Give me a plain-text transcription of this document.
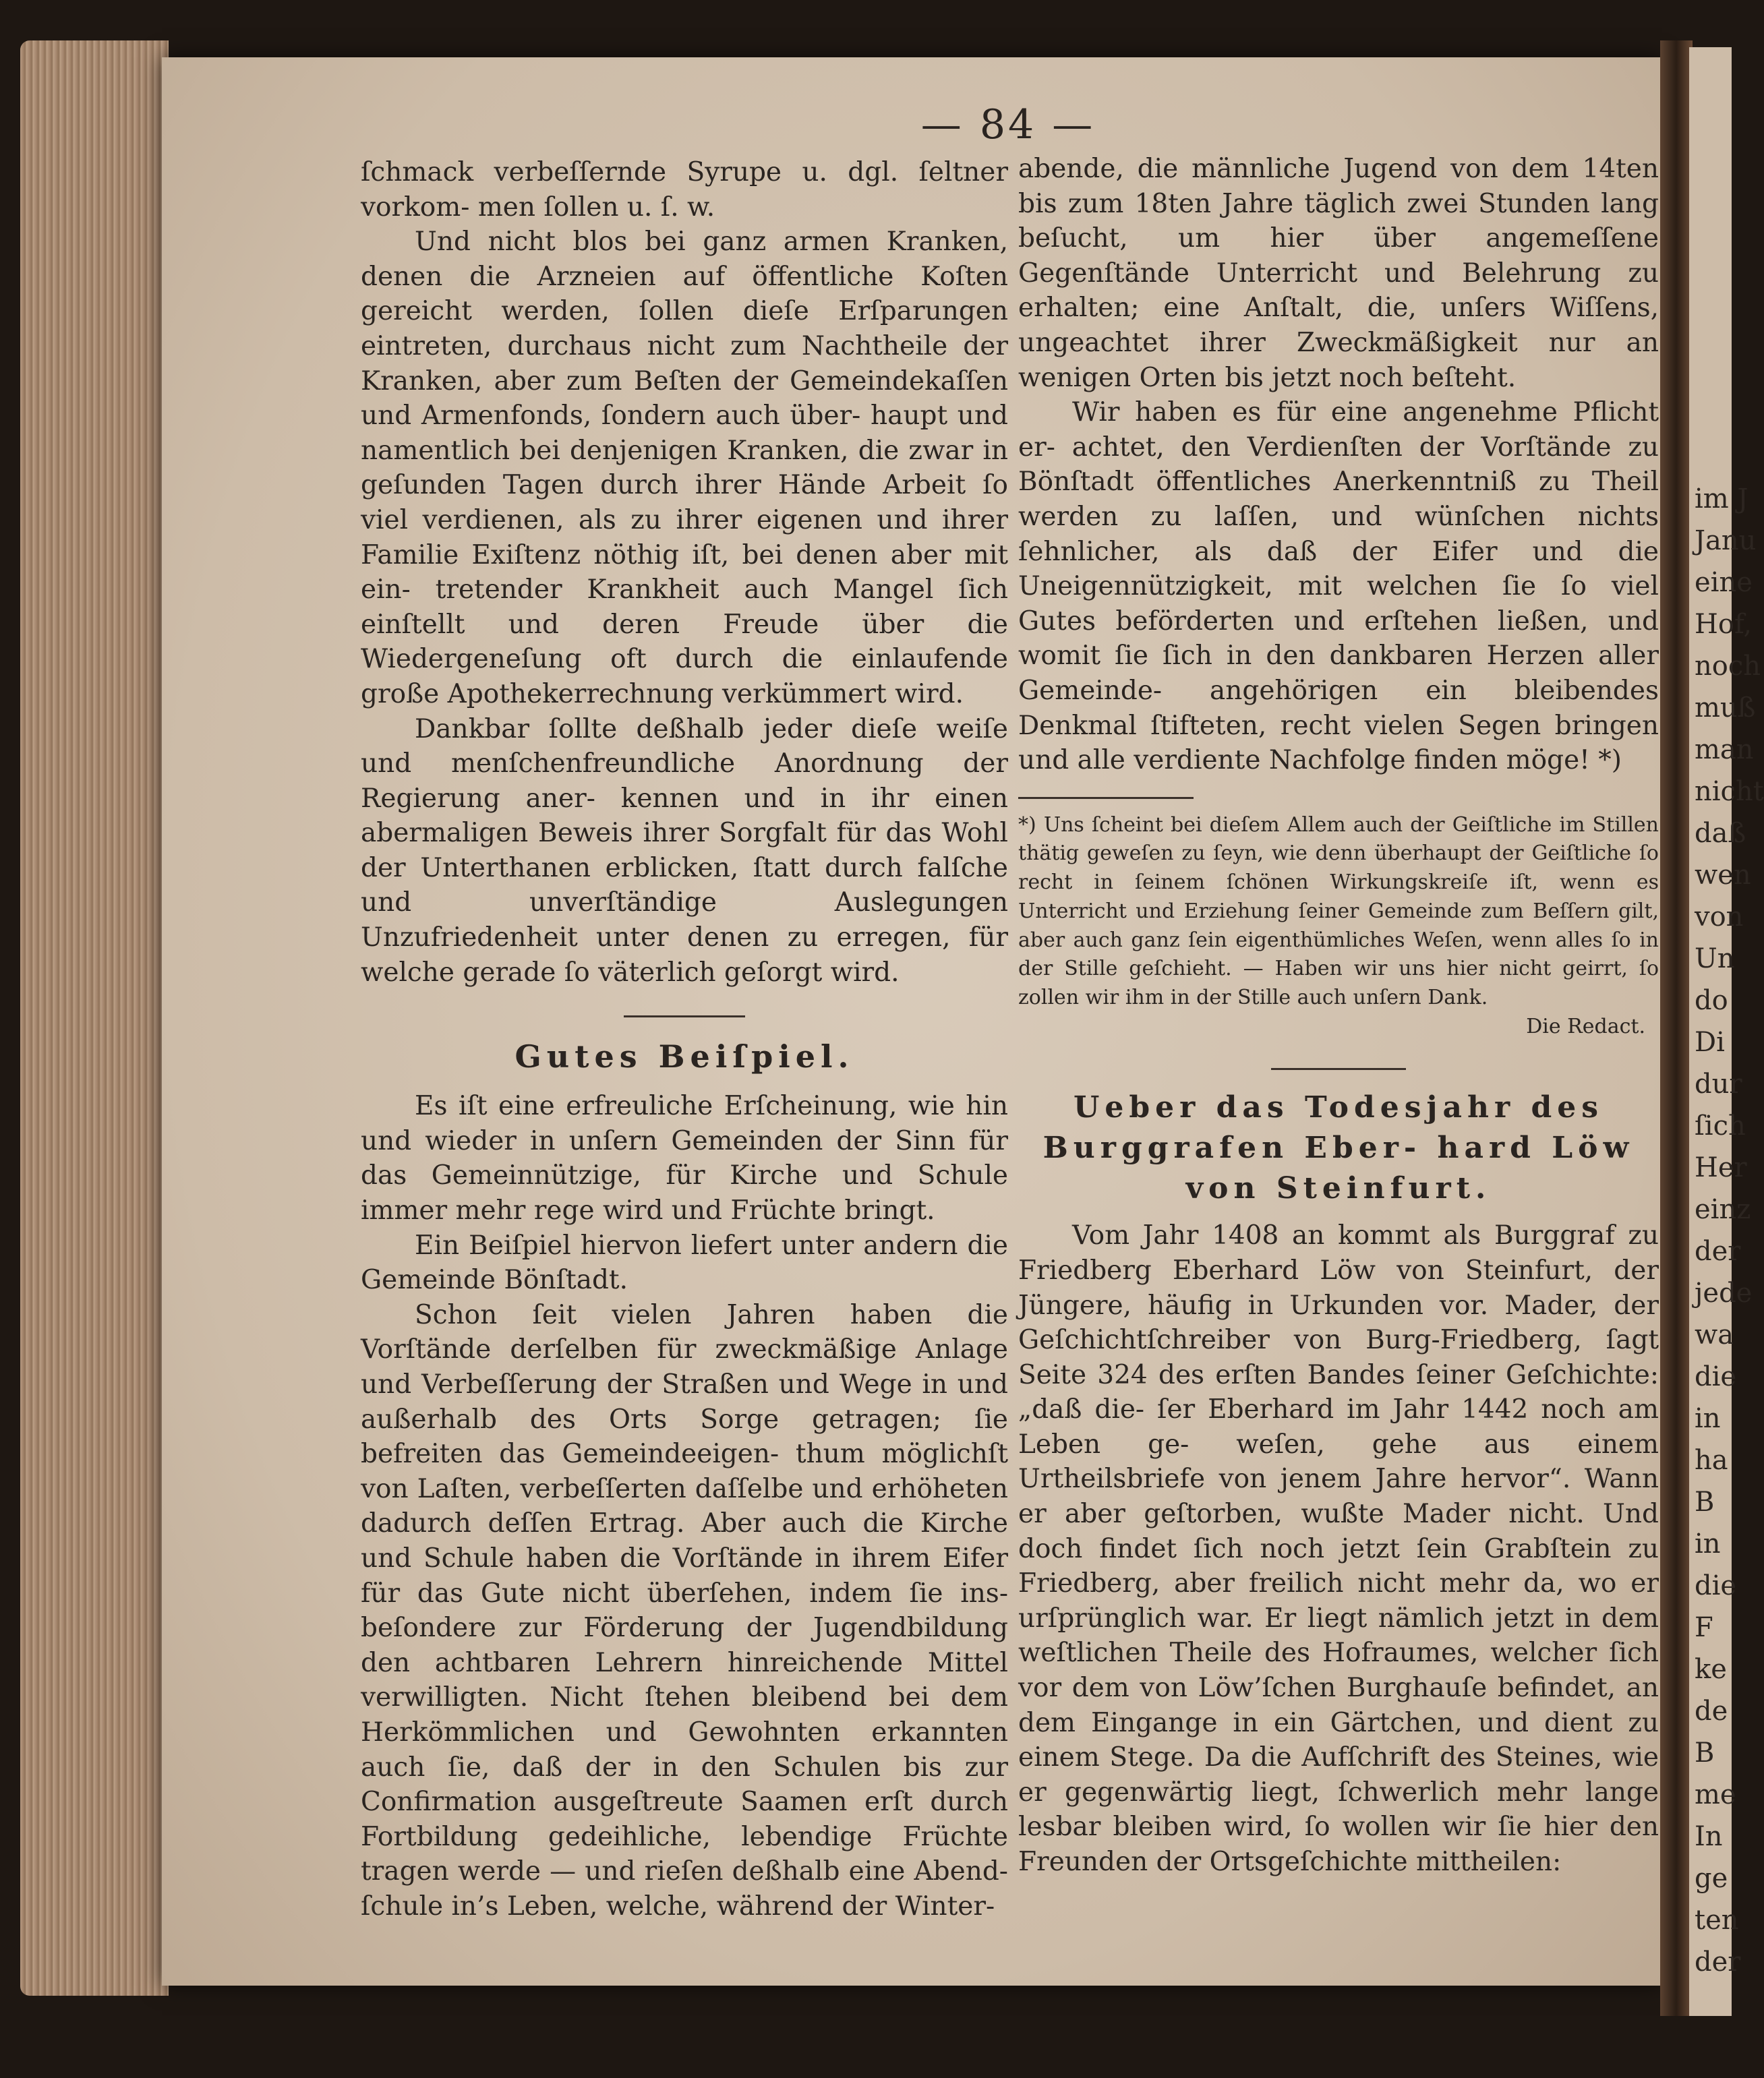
im J
Janu
eine
Hof,
noch
muß
man
nicht
daß
wen
von
Un
do
Di
dur
ſich
Her
einz
der
jede
wa
die
in
ha
B
in
die
F
ke
de
B
me
In
ge
ten
der
— 84 —

ſchmack verbeſſernde Syrupe u. dgl. ſeltner vorkom- men ſollen u. ſ. w.

Und nicht blos bei ganz armen Kranken, denen die Arzneien auf öffentliche Koſten gereicht werden, ſollen dieſe Erſparungen eintreten, durchaus nicht zum Nachtheile der Kranken, aber zum Beſten der Gemeindekaſſen und Armenfonds, ſondern auch über- haupt und namentlich bei denjenigen Kranken, die zwar in geſunden Tagen durch ihrer Hände Arbeit ſo viel verdienen, als zu ihrer eigenen und ihrer Familie Exiſtenz nöthig iſt, bei denen aber mit ein- tretender Krankheit auch Mangel ſich einſtellt und deren Freude über die Wiedergeneſung oft durch die einlaufende große Apothekerrechnung verkümmert wird.

Dankbar ſollte deßhalb jeder dieſe weiſe und menſchenfreundliche Anordnung der Regierung aner- kennen und in ihr einen abermaligen Beweis ihrer Sorgfalt für das Wohl der Unterthanen erblicken, ſtatt durch falſche und unverſtändige Auslegungen Unzufriedenheit unter denen zu erregen, für welche gerade ſo väterlich geſorgt wird.

Gutes Beiſpiel.

Es iſt eine erfreuliche Erſcheinung, wie hin und wieder in unſern Gemeinden der Sinn für das Gemeinnützige, für Kirche und Schule immer mehr rege wird und Früchte bringt.

Ein Beiſpiel hiervon liefert unter andern die Gemeinde Bönſtadt.

Schon ſeit vielen Jahren haben die Vorſtände derſelben für zweckmäßige Anlage und Verbeſſerung der Straßen und Wege in und außerhalb des Orts Sorge getragen; ſie befreiten das Gemeindeeigen- thum möglichſt von Laſten, verbeſſerten daſſelbe und erhöheten dadurch deſſen Ertrag. Aber auch die Kirche und Schule haben die Vorſtände in ihrem Eifer für das Gute nicht überſehen, indem ſie ins- beſondere zur Förderung der Jugendbildung den achtbaren Lehrern hinreichende Mittel verwilligten. Nicht ſtehen bleibend bei dem Herkömmlichen und Gewohnten erkannten auch ſie, daß der in den Schulen bis zur Confirmation ausgeſtreute Saamen erſt durch Fortbildung gedeihliche, lebendige Früchte tragen werde — und rieſen deßhalb eine Abend- ſchule in’s Leben, welche, während der Winter-

abende, die männliche Jugend von dem 14ten bis zum 18ten Jahre täglich zwei Stunden lang beſucht, um hier über angemeſſene Gegenſtände Unterricht und Belehrung zu erhalten; eine Anſtalt, die, unſers Wiſſens, ungeachtet ihrer Zweckmäßigkeit nur an wenigen Orten bis jetzt noch beſteht.

Wir haben es für eine angenehme Pflicht er- achtet, den Verdienſten der Vorſtände zu Bönſtadt öffentliches Anerkenntniß zu Theil werden zu laſſen, und wünſchen nichts ſehnlicher, als daß der Eifer und die Uneigennützigkeit, mit welchen ſie ſo viel Gutes beförderten und erſtehen ließen, und womit ſie ſich in den dankbaren Herzen aller Gemeinde- angehörigen ein bleibendes Denkmal ſtifteten, recht vielen Segen bringen und alle verdiente Nachfolge finden möge! *)

*) Uns ſcheint bei dieſem Allem auch der Geiſtliche im Stillen thätig geweſen zu ſeyn, wie denn überhaupt der Geiſtliche ſo recht in ſeinem ſchönen Wirkungskreiſe iſt, wenn es Unterricht und Erziehung ſeiner Gemeinde zum Beſſern gilt, aber auch ganz ſein eigenthümliches Weſen, wenn alles ſo in der Stille geſchieht. — Haben wir uns hier nicht geirrt, ſo zollen wir ihm in der Stille auch unſern Dank.

Die Redact.
Ueber das Todesjahr des Burggrafen Eber- hard Löw von Steinfurt.

Vom Jahr 1408 an kommt als Burggraf zu Friedberg Eberhard Löw von Steinfurt, der Jüngere, häufig in Urkunden vor. Mader, der Geſchichtſchreiber von Burg-Friedberg, ſagt Seite 324 des erſten Bandes ſeiner Geſchichte: „daß die- ſer Eberhard im Jahr 1442 noch am Leben ge- weſen, gehe aus einem Urtheilsbriefe von jenem Jahre hervor“. Wann er aber geſtorben, wußte Mader nicht. Und doch findet ſich noch jetzt ſein Grabſtein zu Friedberg, aber freilich nicht mehr da, wo er urſprünglich war. Er liegt nämlich jetzt in dem weſtlichen Theile des Hofraumes, welcher ſich vor dem von Löw’ſchen Burghauſe befindet, an dem Eingange in ein Gärtchen, und dient zu einem Stege. Da die Aufſchrift des Steines, wie er gegenwärtig liegt, ſchwerlich mehr lange lesbar bleiben wird, ſo wollen wir ſie hier den Freunden der Ortsgeſchichte mittheilen:
